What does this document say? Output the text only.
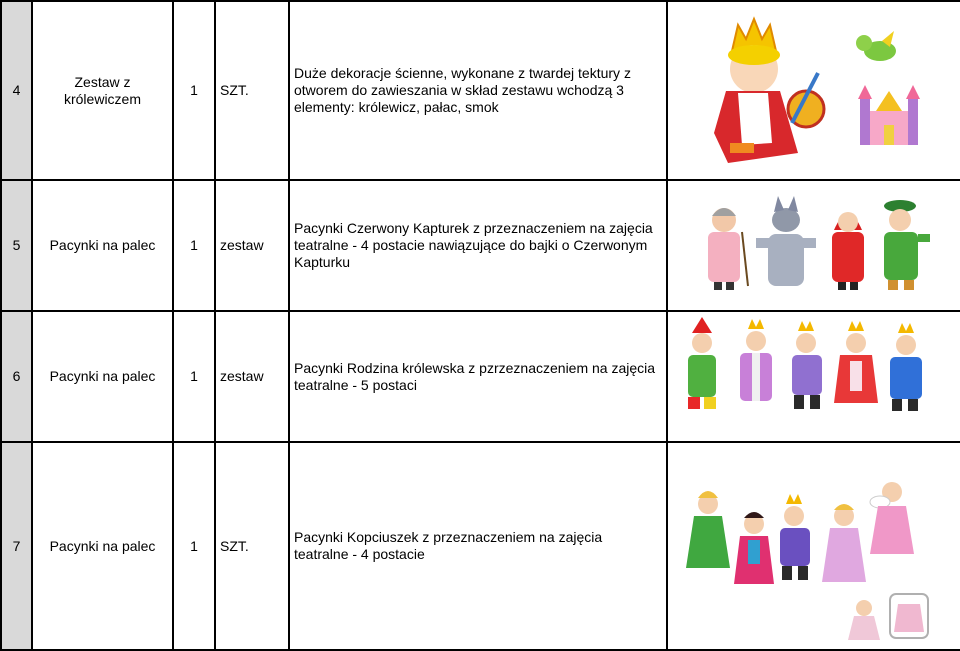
4	Zestaw z królewiczem	1	SZT.	Duże dekoracje ścienne, wykonane z twardej tektury z otworem do zawieszania w skład zestawu wchodzą 3 elementy: królewicz, pałac, smok	

5	Pacynki na palec	1	zestaw	Pacynki Czerwony Kapturek z przeznaczeniem na zajęcia teatralne - 4 postacie nawiązujące do bajki o Czerwonym Kapturku	

6	Pacynki na palec	1	zestaw	Pacynki Rodzina królewska z pzrzeznaczeniem na zajęcia teatralne - 5 postaci	

7	Pacynki na palec	1	SZT.	Pacynki Kopciuszek z przeznaczeniem na zajęcia teatralne - 4 postacie	
